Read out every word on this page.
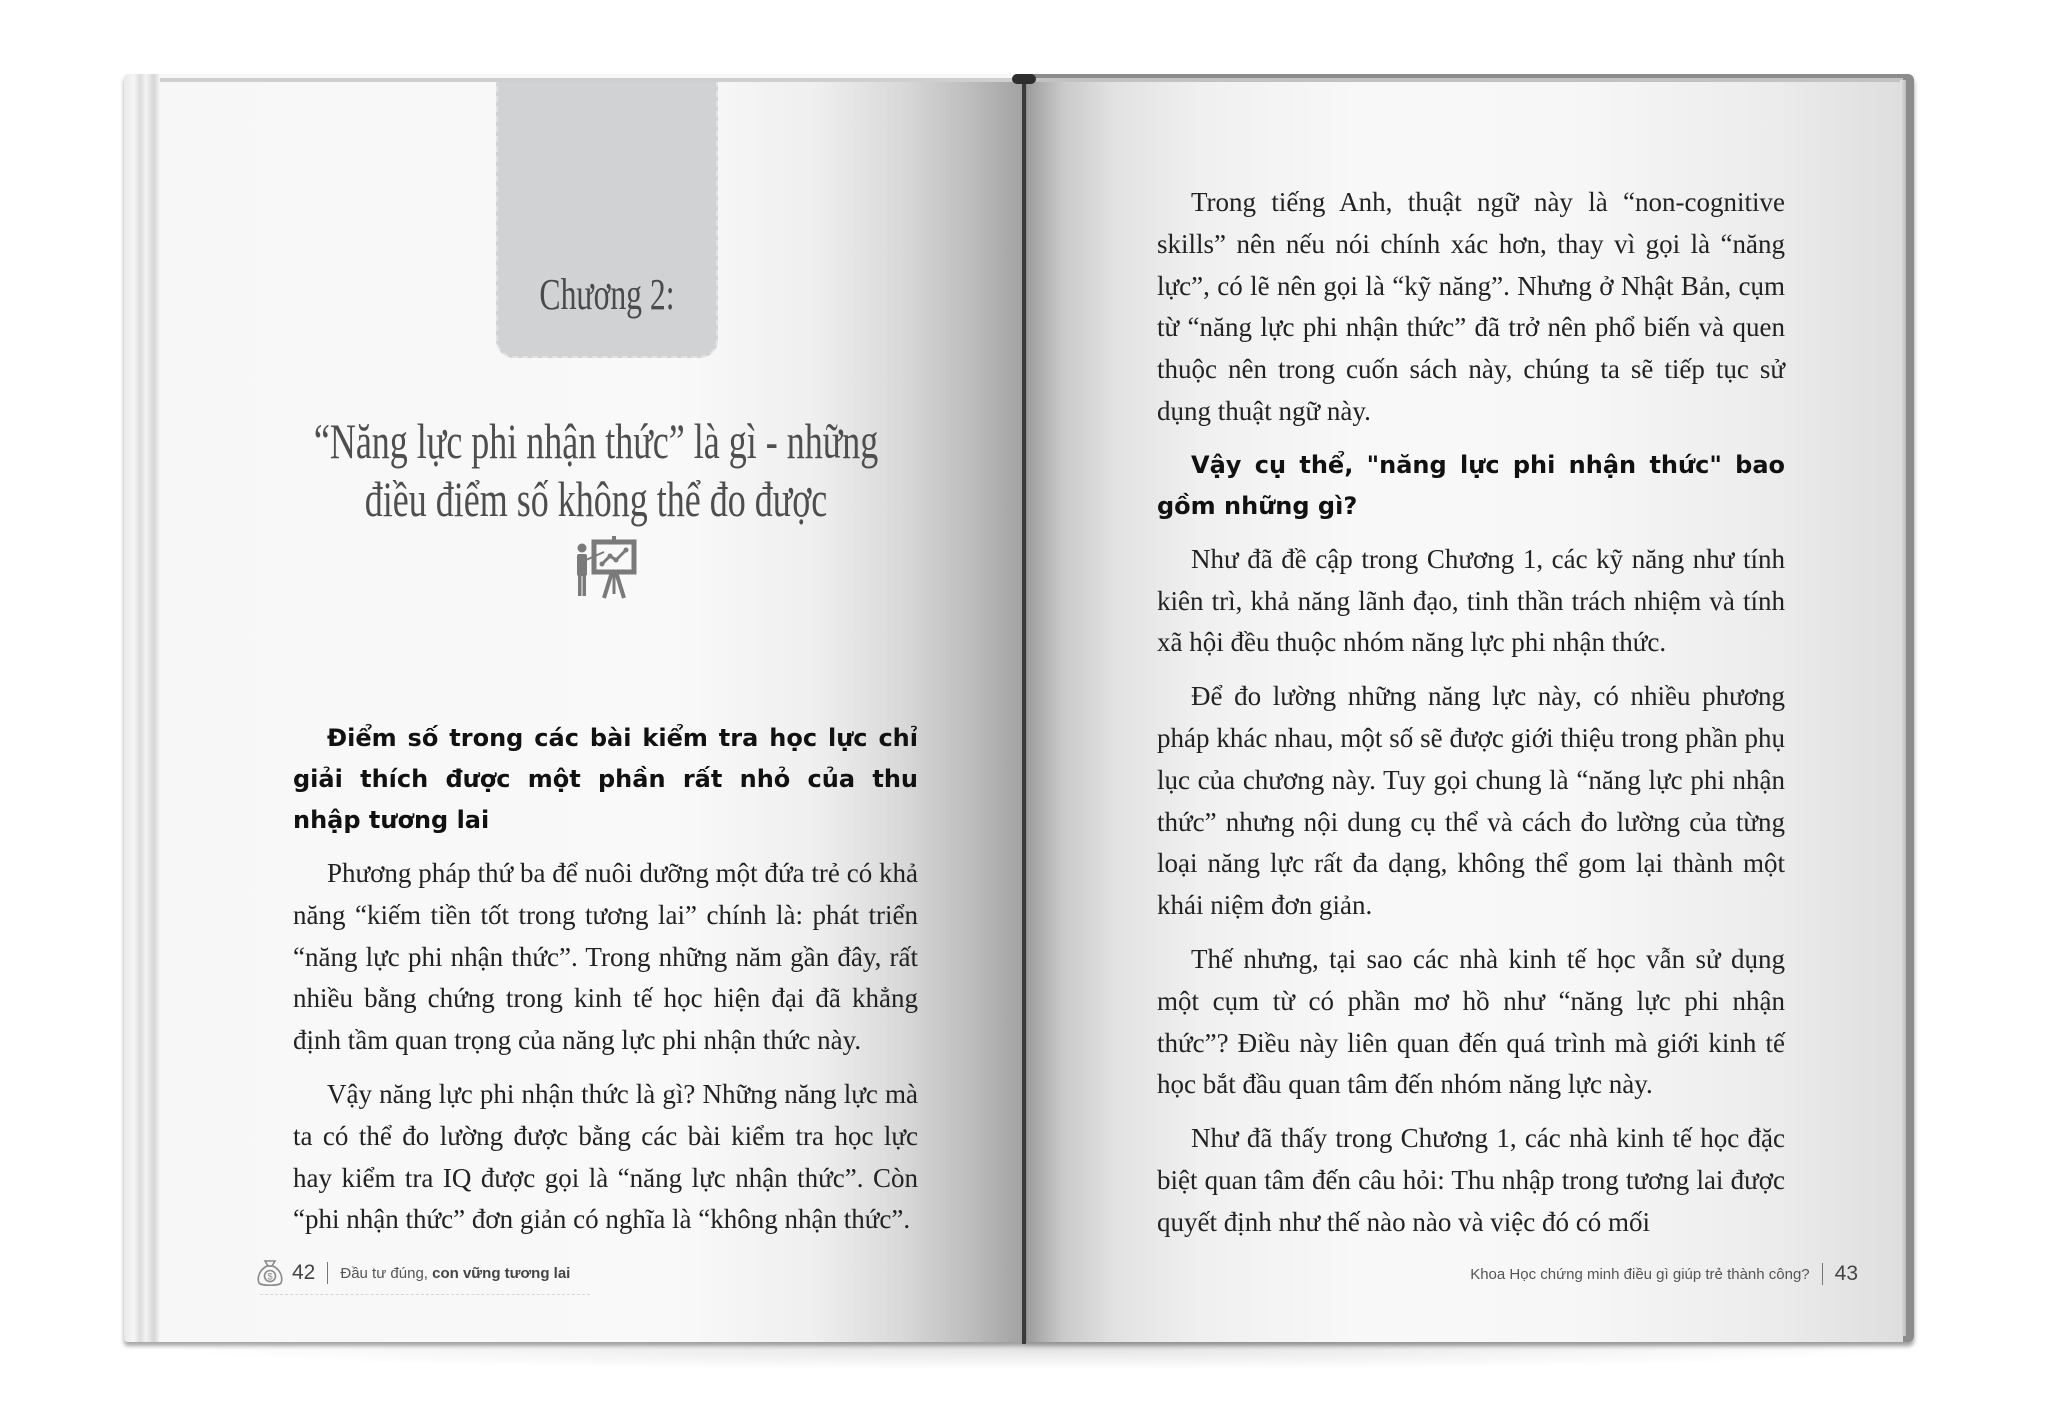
Chương 2:
“Năng lực phi nhận thức” là gì - những
điều điểm số không thể đo được
Điểm số trong các bài kiểm tra học lực chỉ giải thích được một phần rất nhỏ của thu nhập tương lai

Phương pháp thứ ba để nuôi dưỡng một đứa trẻ có khả năng “kiếm tiền tốt trong tương lai” chính là: phát triển “năng lực phi nhận thức”. Trong những năm gần đây, rất nhiều bằng chứng trong kinh tế học hiện đại đã khẳng định tầm quan trọng của năng lực phi nhận thức này.

Vậy năng lực phi nhận thức là gì? Những năng lực mà ta có thể đo lường được bằng các bài kiểm tra học lực hay kiểm tra IQ được gọi là “năng lực nhận thức”. Còn “phi nhận thức” đơn giản có nghĩa là “không nhận thức”.

$ 42 Đầu tư đúng, con vững tương lai

Trong tiếng Anh, thuật ngữ này là “non-cognitive skills” nên nếu nói chính xác hơn, thay vì gọi là “năng lực”, có lẽ nên gọi là “kỹ năng”. Nhưng ở Nhật Bản, cụm từ “năng lực phi nhận thức” đã trở nên phổ biến và quen thuộc nên trong cuốn sách này, chúng ta sẽ tiếp tục sử dụng thuật ngữ này.

Vậy cụ thể, "năng lực phi nhận thức" bao gồm những gì?

Như đã đề cập trong Chương 1, các kỹ năng như tính kiên trì, khả năng lãnh đạo, tinh thần trách nhiệm và tính xã hội đều thuộc nhóm năng lực phi nhận thức.

Để đo lường những năng lực này, có nhiều phương pháp khác nhau, một số sẽ được giới thiệu trong phần phụ lục của chương này. Tuy gọi chung là “năng lực phi nhận thức” nhưng nội dung cụ thể và cách đo lường của từng loại năng lực rất đa dạng, không thể gom lại thành một khái niệm đơn giản.

Thế nhưng, tại sao các nhà kinh tế học vẫn sử dụng một cụm từ có phần mơ hồ như “năng lực phi nhận thức”? Điều này liên quan đến quá trình mà giới kinh tế học bắt đầu quan tâm đến nhóm năng lực này.

Như đã thấy trong Chương 1, các nhà kinh tế học đặc biệt quan tâm đến câu hỏi: Thu nhập trong tương lai được quyết định như thế nào nào và việc đó có mối

Khoa Học chứng minh điều gì giúp trẻ thành công? 43
